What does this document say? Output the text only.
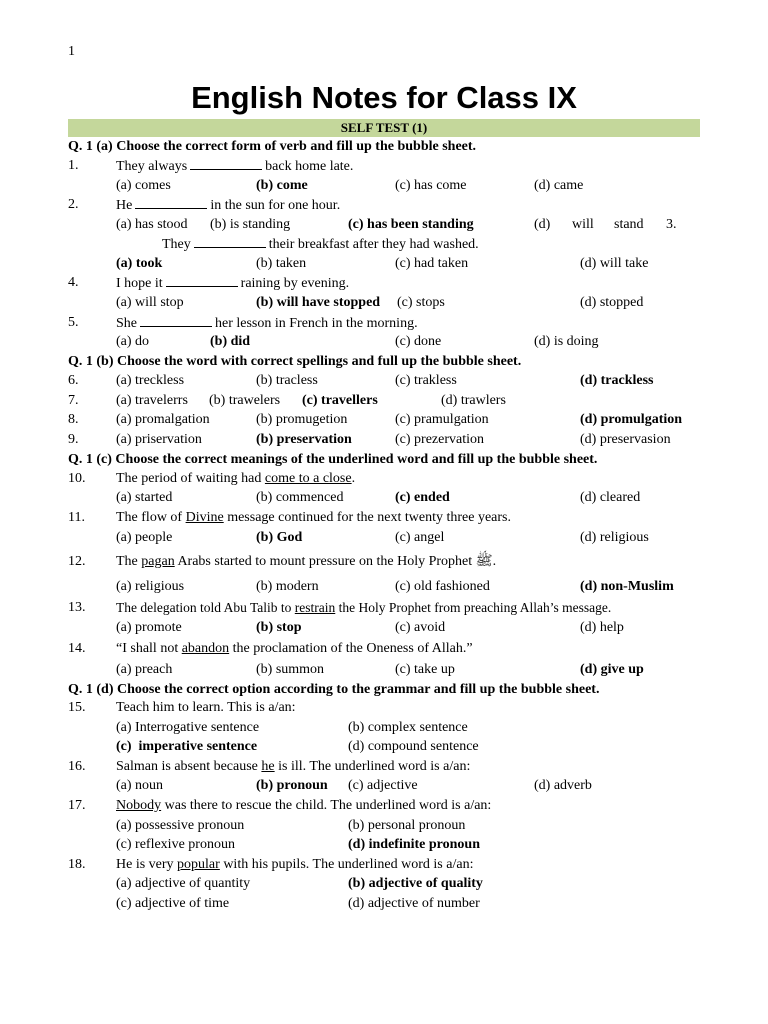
1
English Notes for Class IX
SELF TEST (1)
Q. 1 (a) Choose the correct form of verb and fill up the bubble sheet.
1.	They always	back home late.
(a) comes	(b) come	(c) has come	(d) came
2.	He	in the sun for one hour.
(a) has stood (b) is standing	(c) has been standing	(d) will stand 3.
They	their breakfast after they had washed.
(a) took	(b) taken	(c) had taken	(d) will take
4.	I hope it	raining by evening.
(a) will stop	(b) will have stopped (c) stops	(d) stopped
5.	She	her lesson in French in the morning.
(a) do	(b) did	(c) done	(d) is doing
Q. 1 (b) Choose the word with correct spellings and full up the bubble sheet.
6.	(a) treckless	(b) tracless	(c) trakless	(d) trackless
7.	(a) travelerrs (b) trawelers (c) travellers	(d) trawlers
8.	(a) promalgation	(b) promugetion	(c) pramulgation	(d) promulgation
9.	(a) priservation	(b) preservation	(c) prezervation	(d) preservasion
Q. 1 (c) Choose the correct meanings of the underlined word and fill up the bubble sheet.
10. The period of waiting had come to a close.
(a) started	(b) commenced	(c) ended	(d) cleared
11. The flow of Divine message continued for the next twenty three years.
(a) people	(b) God	(c) angel	(d) religious
12. The pagan Arabs started to mount pressure on the Holy Prophet ﷺ.
(a) religious	(b) modern	(c) old fashioned	(d) non-Muslim
13. The delegation told Abu Talib to restrain the Holy Prophet from preaching Allah’s message.
(a) promote	(b) stop	(c) avoid	(d) help
14. “I shall not abandon the proclamation of the Oneness of Allah.”
(a) preach	(b) summon	(c) take up	(d) give up
Q. 1 (d) Choose the correct option according to the grammar and fill up the bubble sheet.
15. Teach him to learn. This is a/an:
(a) Interrogative sentence	(b) complex sentence
(c)  imperative sentence	(d) compound sentence
16. Salman is absent because he is ill. The underlined word is a/an:
(a) noun	(b) pronoun (c) adjective	(d) adverb
17. Nobody was there to rescue the child. The underlined word is a/an:
(a) possessive pronoun	(b) personal pronoun
(c) reflexive pronoun	(d) indefinite pronoun
18. He is very popular with his pupils. The underlined word is a/an:
(a) adjective of quantity	(b) adjective of quality
(c) adjective of time	(d) adjective of number
